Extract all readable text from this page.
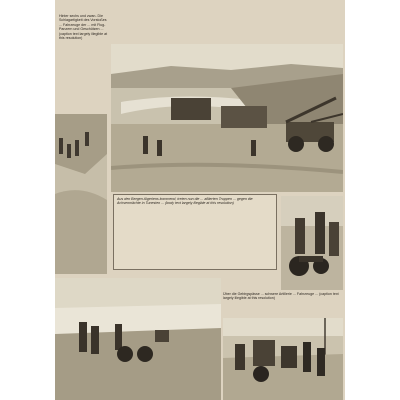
Hinter sechs und zwan- Die Schlagartigkeit des Vorstoßes ... Fahrzeuge der ... mit Flug- Panzern und Geschützen ... (caption text largely illegible at this resolution)
Aus den Bergen Algeriens kommend, treten nun die ... alliierten Truppen ... gegen die Achsenmächte in Tunesien ... (body text largely illegible at this resolution)
Über die Gebirgspässe ... schwere Artillerie ... Fahrzeuge ... (caption text largely illegible at this resolution)
